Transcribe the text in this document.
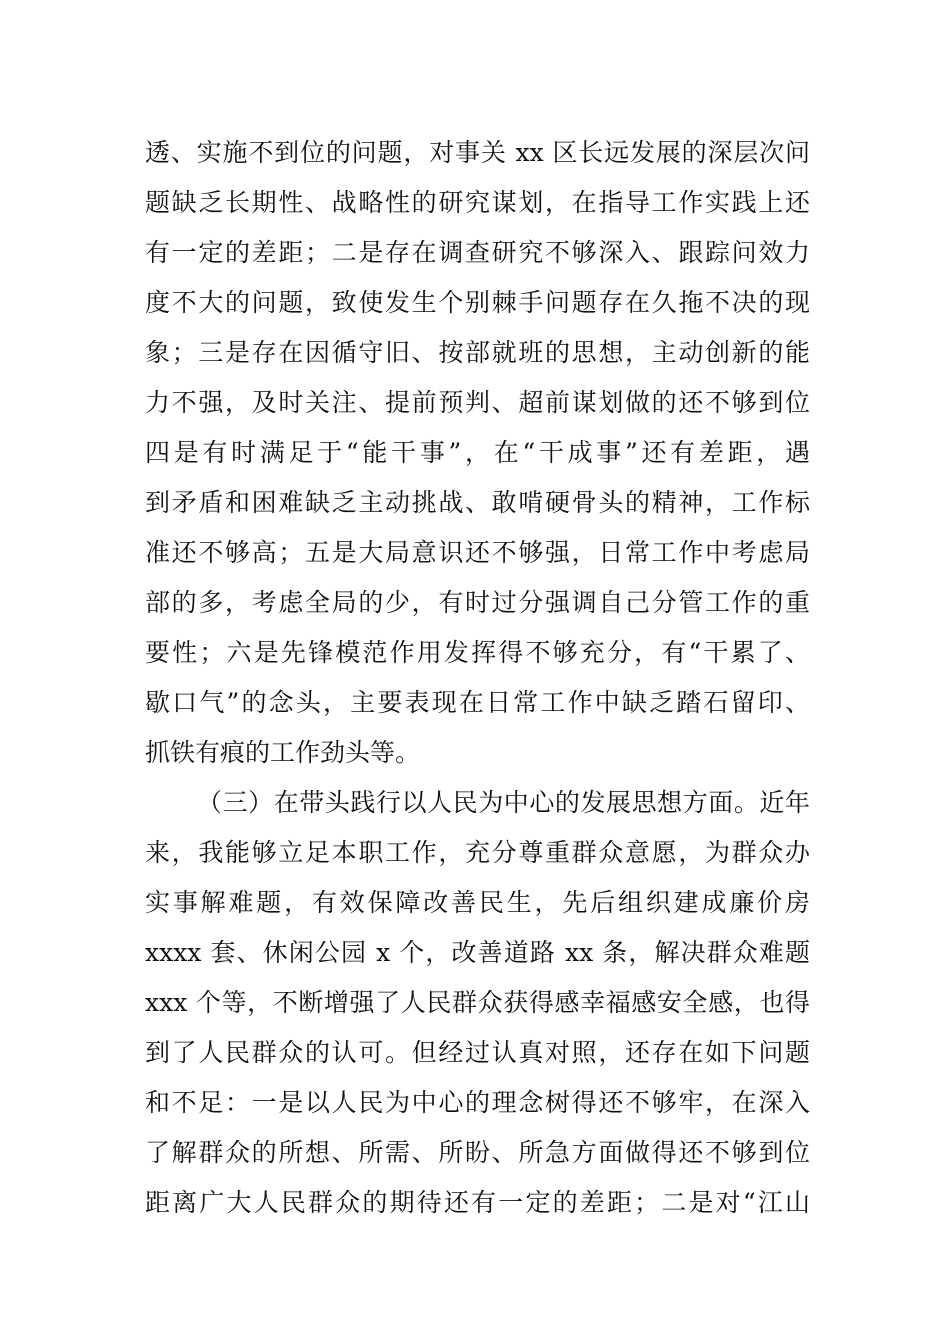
透、实施不到位的问题，对事关 xx 区长远发展的深层次问
题缺乏长期性、战略性的研究谋划，在指导工作实践上还
有一定的差距；二是存在调查研究不够深入、跟踪问效力
度不大的问题，致使发生个别棘手问题存在久拖不决的现
象；三是存在因循守旧、按部就班的思想，主动创新的能
力不强，及时关注、提前预判、超前谋划做的还不够到位
四是有时满足于“能干事”，在“干成事”还有差距，遇
到矛盾和困难缺乏主动挑战、敢啃硬骨头的精神，工作标
准还不够高；五是大局意识还不够强，日常工作中考虑局
部的多，考虑全局的少，有时过分强调自己分管工作的重
要性；六是先锋模范作用发挥得不够充分，有“干累了、
歇口气”的念头，主要表现在日常工作中缺乏踏石留印、
抓铁有痕的工作劲头等。
（三）在带头践行以人民为中心的发展思想方面。近年
来，我能够立足本职工作，充分尊重群众意愿，为群众办
实事解难题，有效保障改善民生，先后组织建成廉价房
xxxx 套、休闲公园 x 个，改善道路 xx 条，解决群众难题
xxx 个等，不断增强了人民群众获得感幸福感安全感，也得
到了人民群众的认可。但经过认真对照，还存在如下问题
和不足：一是以人民为中心的理念树得还不够牢，在深入
了解群众的所想、所需、所盼、所急方面做得还不够到位
距离广大人民群众的期待还有一定的差距；二是对“江山
